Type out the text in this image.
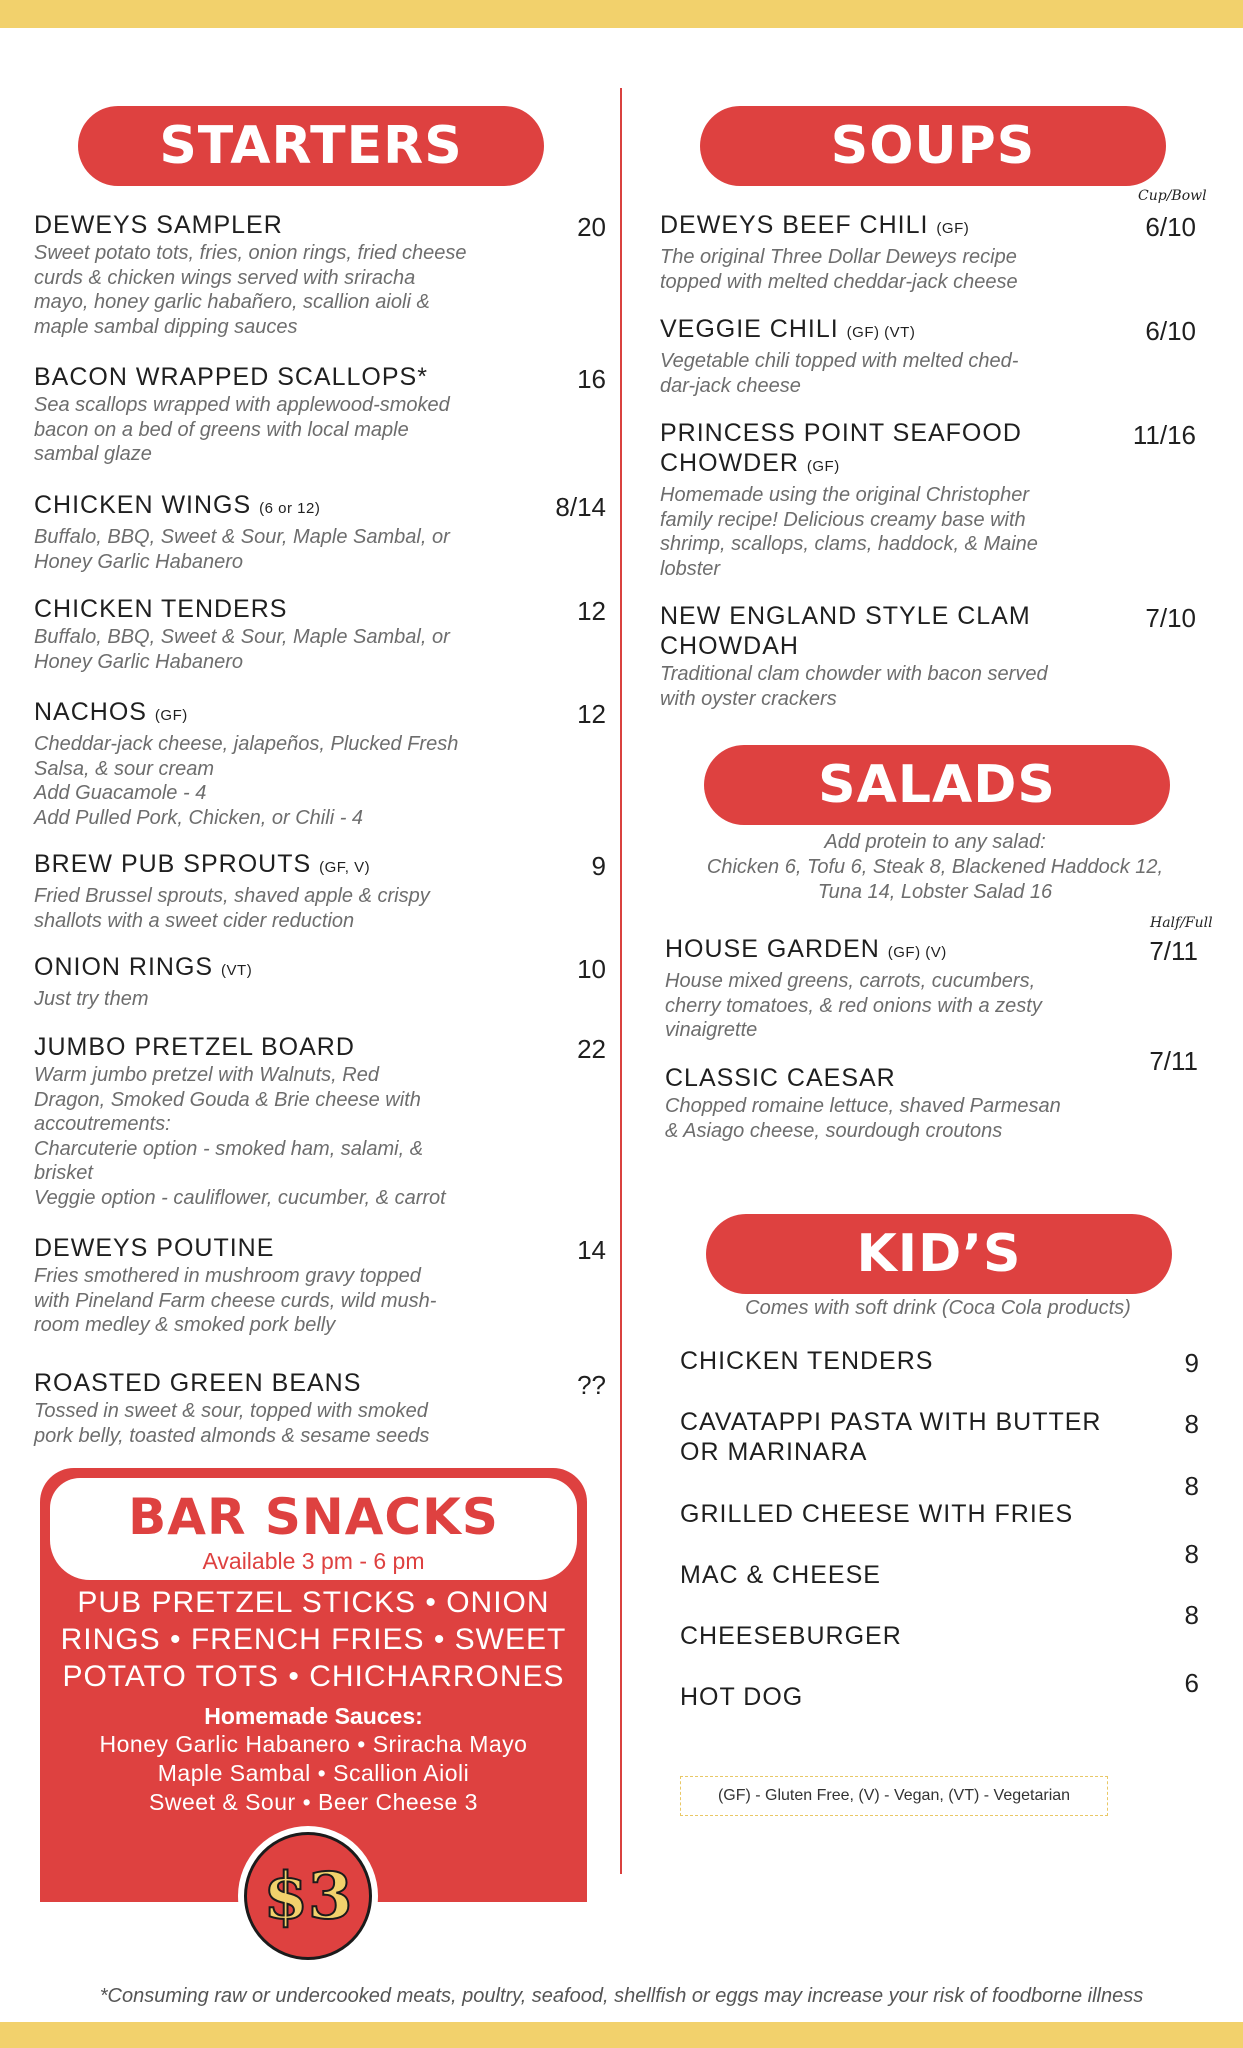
STARTERS
DEWEYS SAMPLER
Sweet potato tots, fries, onion rings, fried cheese
curds & chicken wings served with sriracha
mayo, honey garlic habañero, scallion aioli &
maple sambal dipping sauces
20
BACON WRAPPED SCALLOPS*
Sea scallops wrapped with applewood-smoked
bacon on a bed of greens with local maple
sambal glaze
16
CHICKEN WINGS (6 or 12)
Buffalo, BBQ, Sweet & Sour, Maple Sambal, or
Honey Garlic Habanero
8/14
CHICKEN TENDERS
Buffalo, BBQ, Sweet & Sour, Maple Sambal, or
Honey Garlic Habanero
12
NACHOS (GF)
Cheddar-jack cheese, jalapeños, Plucked Fresh
Salsa, & sour cream
Add Guacamole - 4
Add Pulled Pork, Chicken, or Chili - 4
12
BREW PUB SPROUTS (GF, V)
Fried Brussel sprouts, shaved apple & crispy
shallots with a sweet cider reduction
9
ONION RINGS (VT)
Just try them
10
JUMBO PRETZEL BOARD
Warm jumbo pretzel with Walnuts, Red
Dragon, Smoked Gouda & Brie cheese with
accoutrements:
Charcuterie option - smoked ham, salami, &
brisket
Veggie option - cauliflower, cucumber, & carrot
22
DEWEYS POUTINE
Fries smothered in mushroom gravy topped
with Pineland Farm cheese curds, wild mush-
room medley & smoked pork belly
14
ROASTED GREEN BEANS
Tossed in sweet & sour, topped with smoked
pork belly, toasted almonds & sesame seeds
??
BAR SNACKS
Available 3 pm - 6 pm
PUB PRETZEL STICKS • ONION
RINGS • FRENCH FRIES • SWEET
POTATO TOTS • CHICHARRONES
Homemade Sauces:
Honey Garlic Habanero • Sriracha Mayo
Maple Sambal • Scallion Aioli
Sweet & Sour • Beer Cheese 3
$3
SOUPS
Cup/Bowl
DEWEYS BEEF CHILI (GF)
The original Three Dollar Deweys recipe
topped with melted cheddar-jack cheese
6/10
VEGGIE CHILI (GF) (VT)
Vegetable chili topped with melted ched-
dar-jack cheese
6/10
PRINCESS POINT SEAFOOD
CHOWDER (GF)
Homemade using the original Christopher
family recipe! Delicious creamy base with
shrimp, scallops, clams, haddock, & Maine
lobster
11/16
NEW ENGLAND STYLE CLAM
CHOWDAH
Traditional clam chowder with bacon served
with oyster crackers
7/10
SALADS
Add protein to any salad:
Chicken 6, Tofu 6, Steak 8, Blackened Haddock 12,
Tuna 14, Lobster Salad 16
Half/Full
HOUSE GARDEN (GF) (V)
House mixed greens, carrots, cucumbers,
cherry tomatoes, & red onions with a zesty
vinaigrette
7/11
CLASSIC CAESAR
Chopped romaine lettuce, shaved Parmesan
& Asiago cheese, sourdough croutons
7/11
KID’S
Comes with soft drink (Coca Cola products)
CHICKEN TENDERS	9
CAVATAPPI PASTA WITH BUTTER
OR MARINARA
8
GRILLED CHEESE WITH FRIES
8
MAC & CHEESE
8
CHEESEBURGER
8
HOT DOG	6
(GF) - Gluten Free, (V) - Vegan, (VT) - Vegetarian
*Consuming raw or undercooked meats, poultry, seafood, shellfish or eggs may increase your risk of foodborne illness
